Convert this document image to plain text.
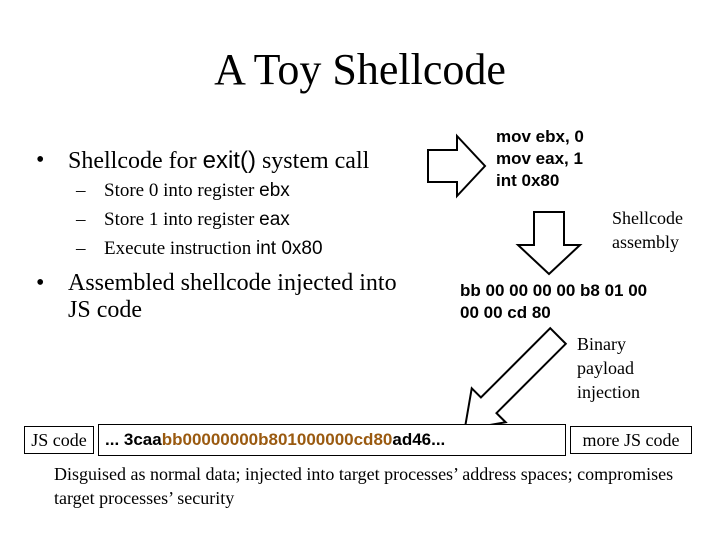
A Toy Shellcode
• Shellcode for exit() system call
– Store 0 into register ebx
– Store 1 into register eax
– Execute instruction int 0x80
• Assembled shellcode injected into
JS code
mov ebx, 0
mov eax, 1
int 0x80
Shellcode
assembly
bb 00 00 00 00 b8 01 00
00 00 cd 80
Binary
payload
injection
JS code ... 3caabb00000000b801000000cd80ad46...	more JS code
Disguised as normal data; injected into target processes’ address spaces; compromises target processes’ security
